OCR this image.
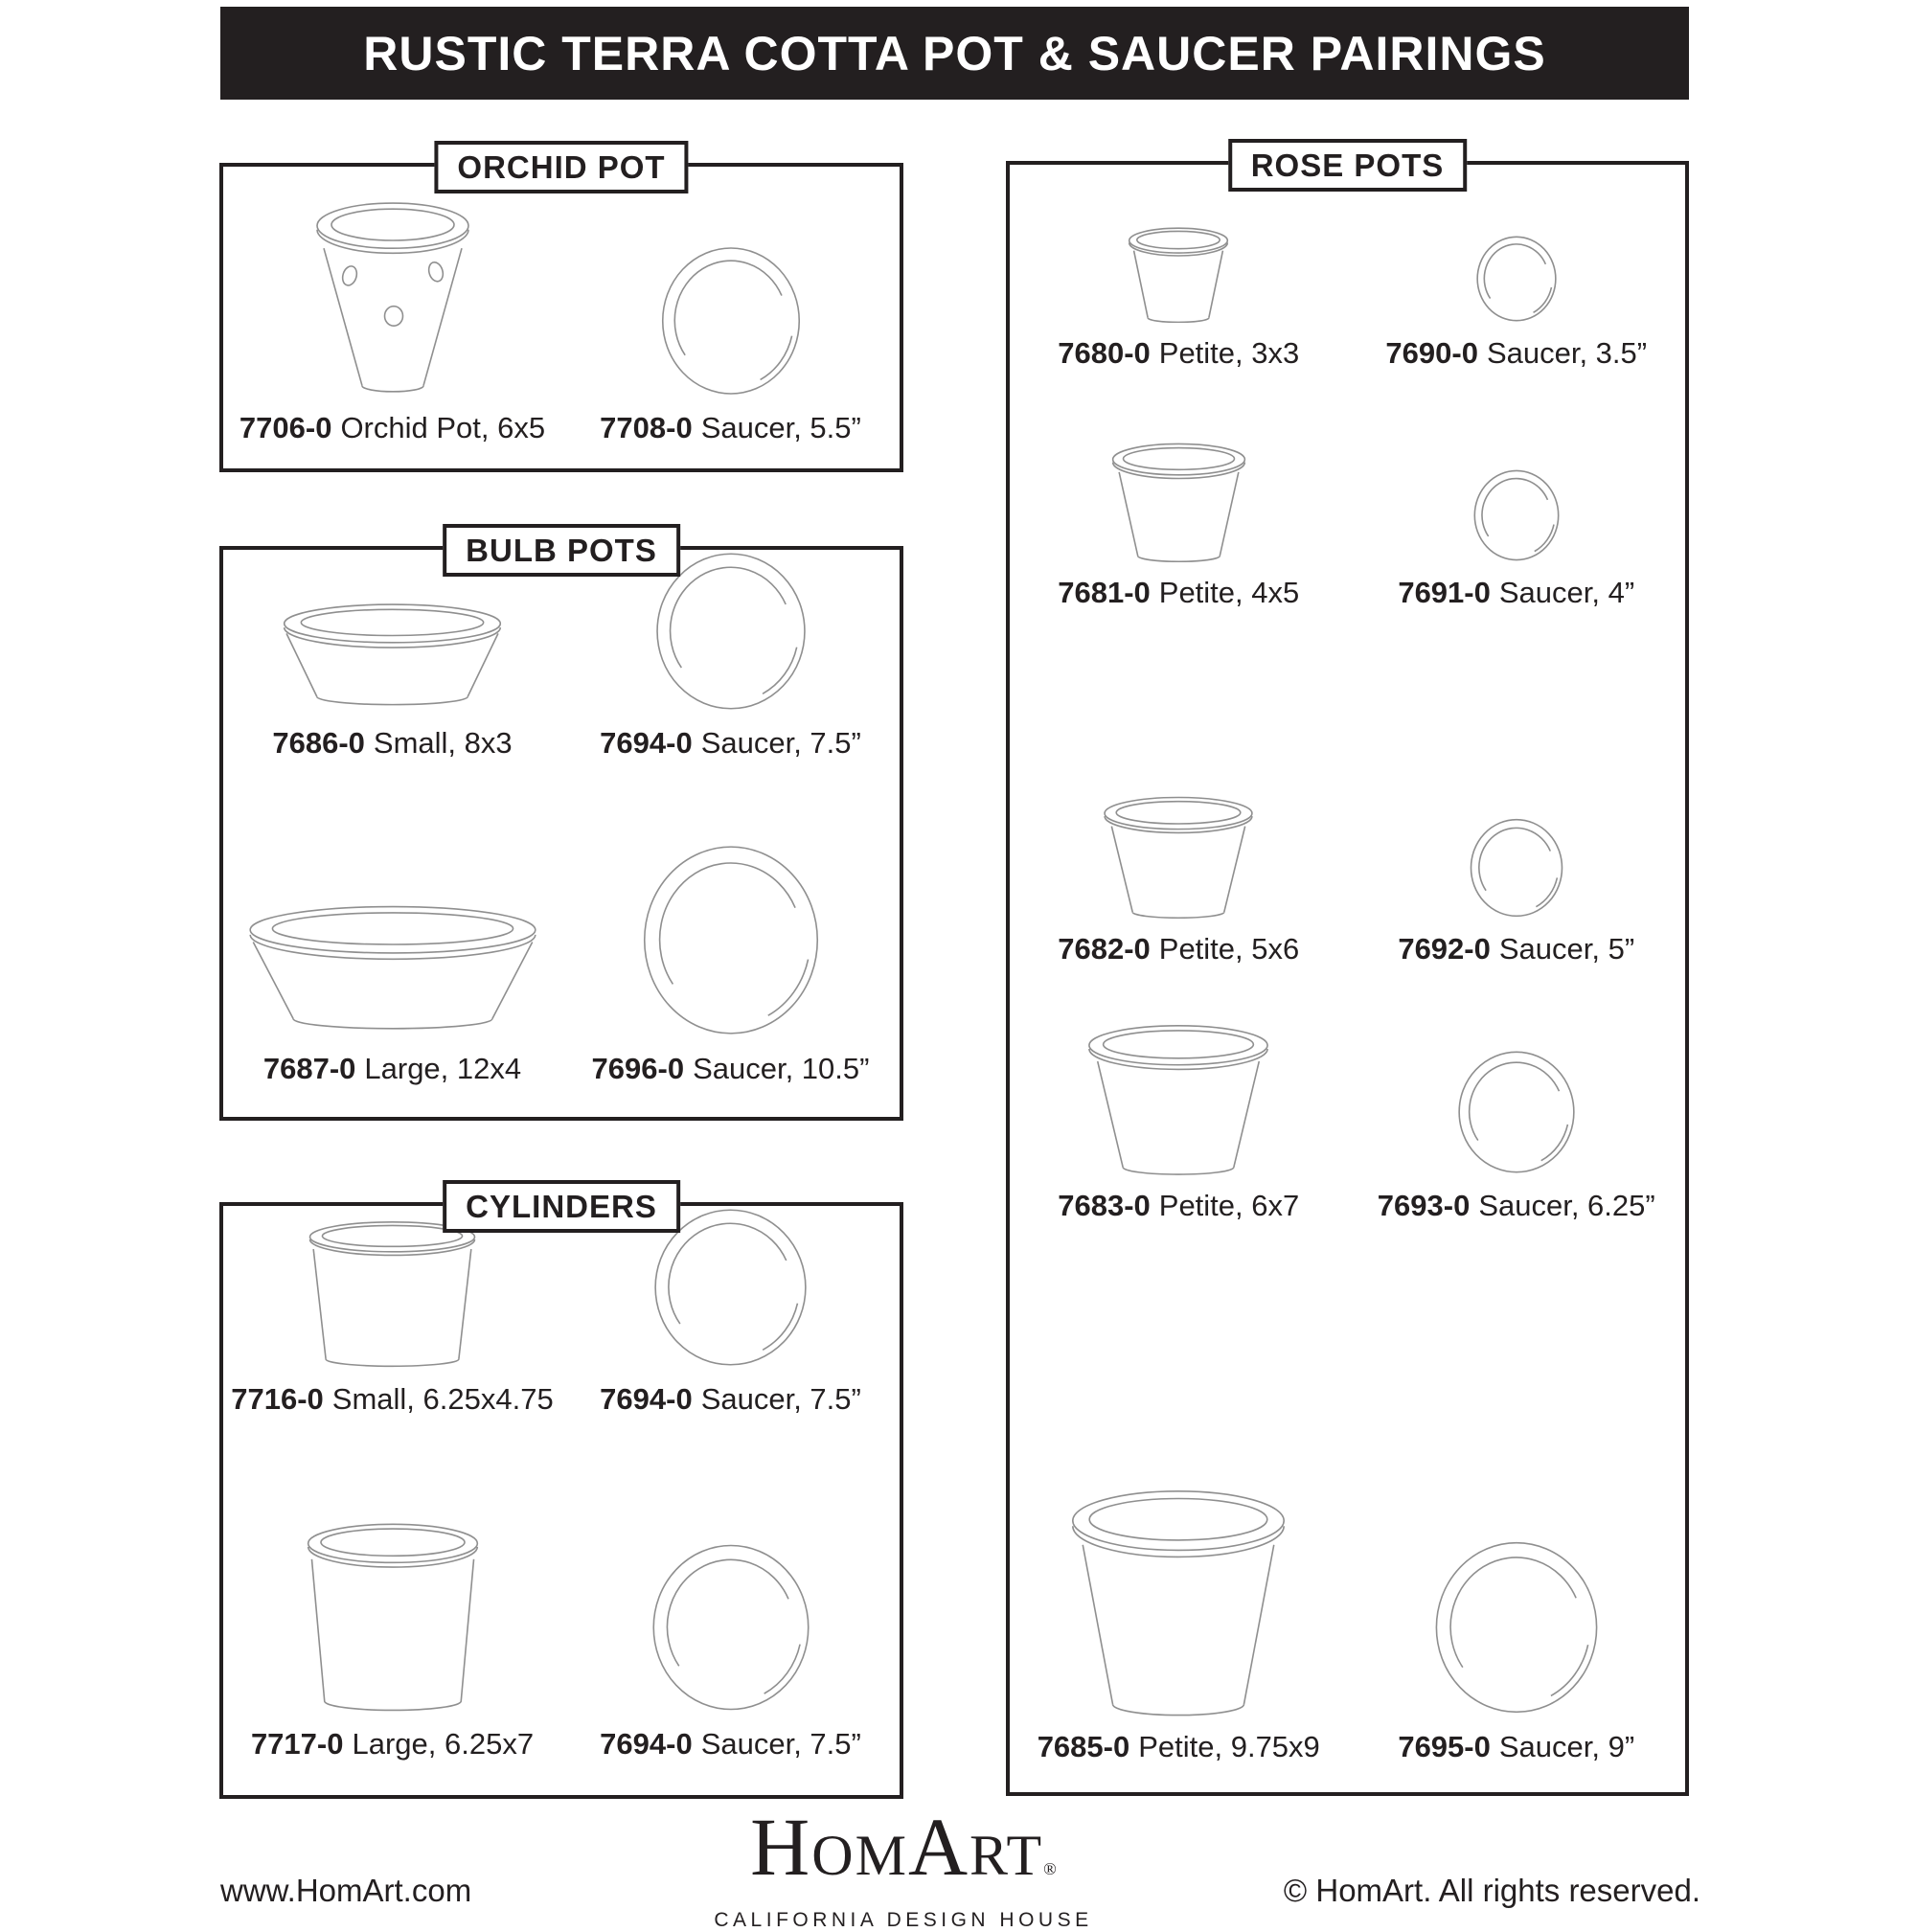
RUSTIC TERRA COTTA POT & SAUCER PAIRINGS
ORCHID POT
7706-0 Orchid Pot, 6x5 7708-0 Saucer, 5.5”
BULB POTS
7686-0 Small, 8x3	7694-0 Saucer, 7.5”
7687-0 Large, 12x4 7696-0 Saucer, 10.5”
CYLINDERS
7716-0 Small, 6.25x4.75 7694-0 Saucer, 7.5”
7717-0 Large, 6.25x7 7694-0 Saucer, 7.5”
ROSE POTS
7680-0 Petite, 3x3	7690-0 Saucer, 3.5”
7681-0 Petite, 4x5	7691-0 Saucer, 4”
7682-0 Petite, 5x6	7692-0 Saucer, 5”
7683-0 Petite, 6x7	7693-0 Saucer, 6.25”
7685-0 Petite, 9.75x9	7695-0 Saucer, 9”
www.HomArt.com	HomArt®
CALIFORNIA DESIGN HOUSE
© HomArt. All rights reserved.
